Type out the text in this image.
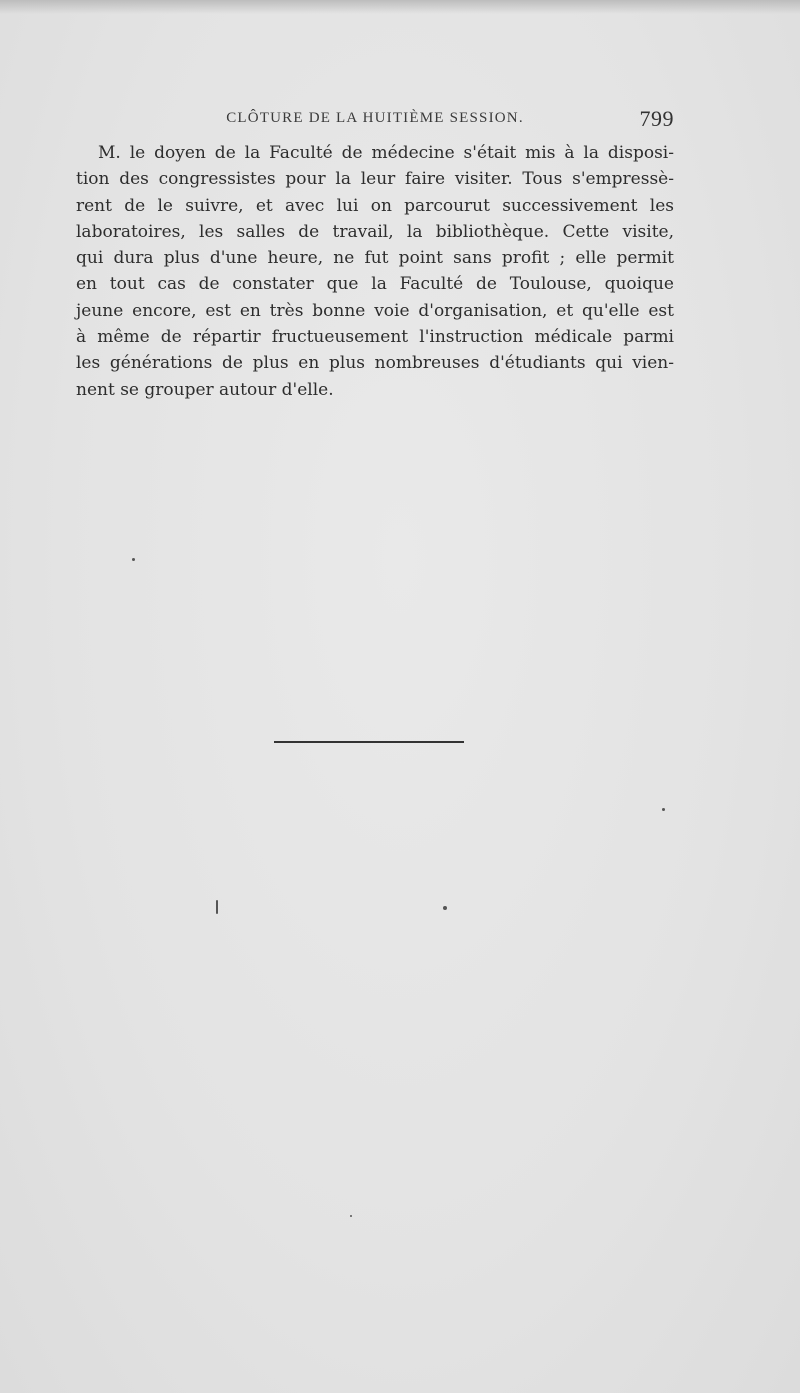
CLÔTURE DE LA HUITIÈME SESSION.	799
M. le doyen de la Faculté de médecine s'était mis à la disposi-
tion des congressistes pour la leur faire visiter. Tous s'empressè-
rent de le suivre, et avec lui on parcourut successivement les
laboratoires, les salles de travail, la bibliothèque. Cette visite,
qui dura plus d'une heure, ne fut point sans profit ; elle permit
en tout cas de constater que la Faculté de Toulouse, quoique
jeune encore, est en très bonne voie d'organisation, et qu'elle est
à même de répartir fructueusement l'instruction médicale parmi
les générations de plus en plus nombreuses d'étudiants qui vien-
nent se grouper autour d'elle.
